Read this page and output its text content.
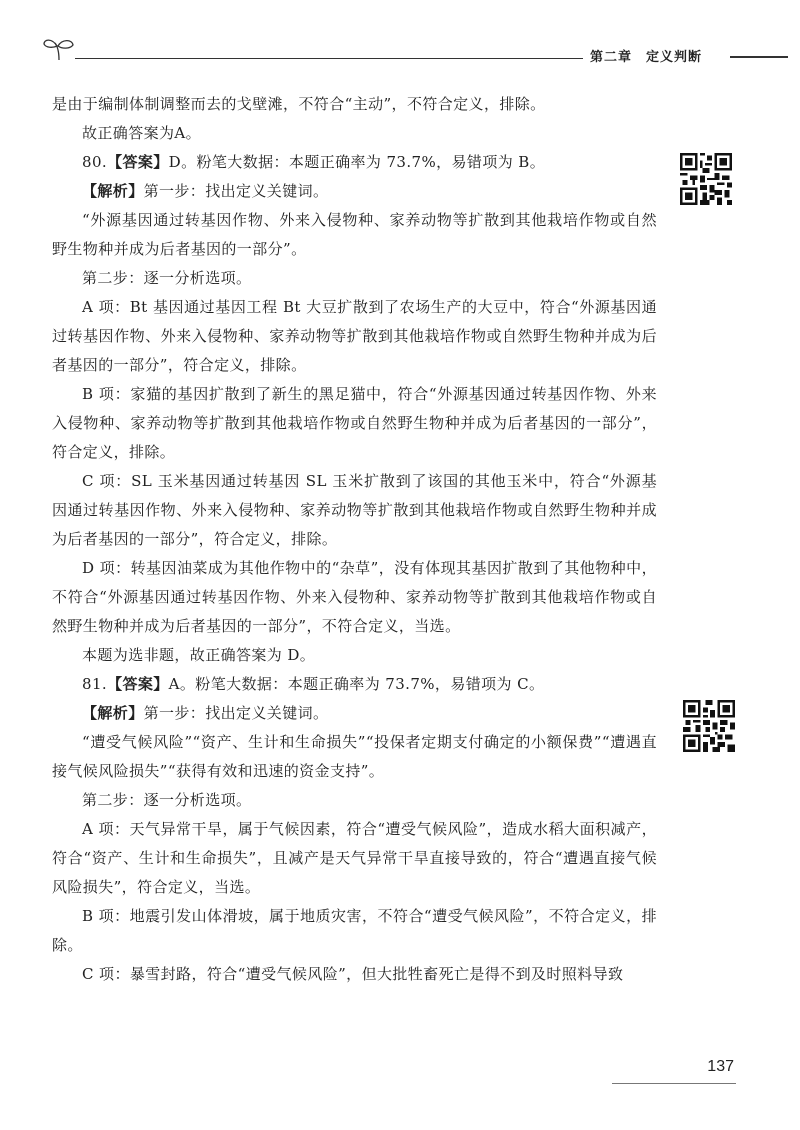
第二章 定义判断

是由于编制体制调整而去的戈壁滩，不符合“主动”，不符合定义，排除。

故正确答案为A。

80.【答案】D。粉笔大数据：本题正确率为 73.7%，易错项为 B。

【解析】第一步：找出定义关键词。

“外源基因通过转基因作物、外来入侵物种、家养动物等扩散到其他栽培作物或自然野生物种并成为后者基因的一部分”。

第二步：逐一分析选项。

A 项：Bt 基因通过基因工程 Bt 大豆扩散到了农场生产的大豆中，符合“外源基因通过转基因作物、外来入侵物种、家养动物等扩散到其他栽培作物或自然野生物种并成为后者基因的一部分”，符合定义，排除。

B 项：家猫的基因扩散到了新生的黑足猫中，符合“外源基因通过转基因作物、外来入侵物种、家养动物等扩散到其他栽培作物或自然野生物种并成为后者基因的一部分”，符合定义，排除。

C 项：SL 玉米基因通过转基因 SL 玉米扩散到了该国的其他玉米中，符合“外源基因通过转基因作物、外来入侵物种、家养动物等扩散到其他栽培作物或自然野生物种并成为后者基因的一部分”，符合定义，排除。

D 项：转基因油菜成为其他作物中的“杂草”，没有体现其基因扩散到了其他物种中，不符合“外源基因通过转基因作物、外来入侵物种、家养动物等扩散到其他栽培作物或自然野生物种并成为后者基因的一部分”，不符合定义，当选。

本题为选非题，故正确答案为 D。

81.【答案】A。粉笔大数据：本题正确率为 73.7%，易错项为 C。

【解析】第一步：找出定义关键词。

“遭受气候风险”“资产、生计和生命损失”“投保者定期支付确定的小额保费”“遭遇直接气候风险损失”“获得有效和迅速的资金支持”。

第二步：逐一分析选项。

A 项：天气异常干旱，属于气候因素，符合“遭受气候风险”，造成水稻大面积减产，符合“资产、生计和生命损失”，且减产是天气异常干旱直接导致的，符合“遭遇直接气候风险损失”，符合定义，当选。

B 项：地震引发山体滑坡，属于地质灾害，不符合“遭受气候风险”，不符合定义，排除。

C 项：暴雪封路，符合“遭受气候风险”，但大批牲畜死亡是得不到及时照料导致

137
